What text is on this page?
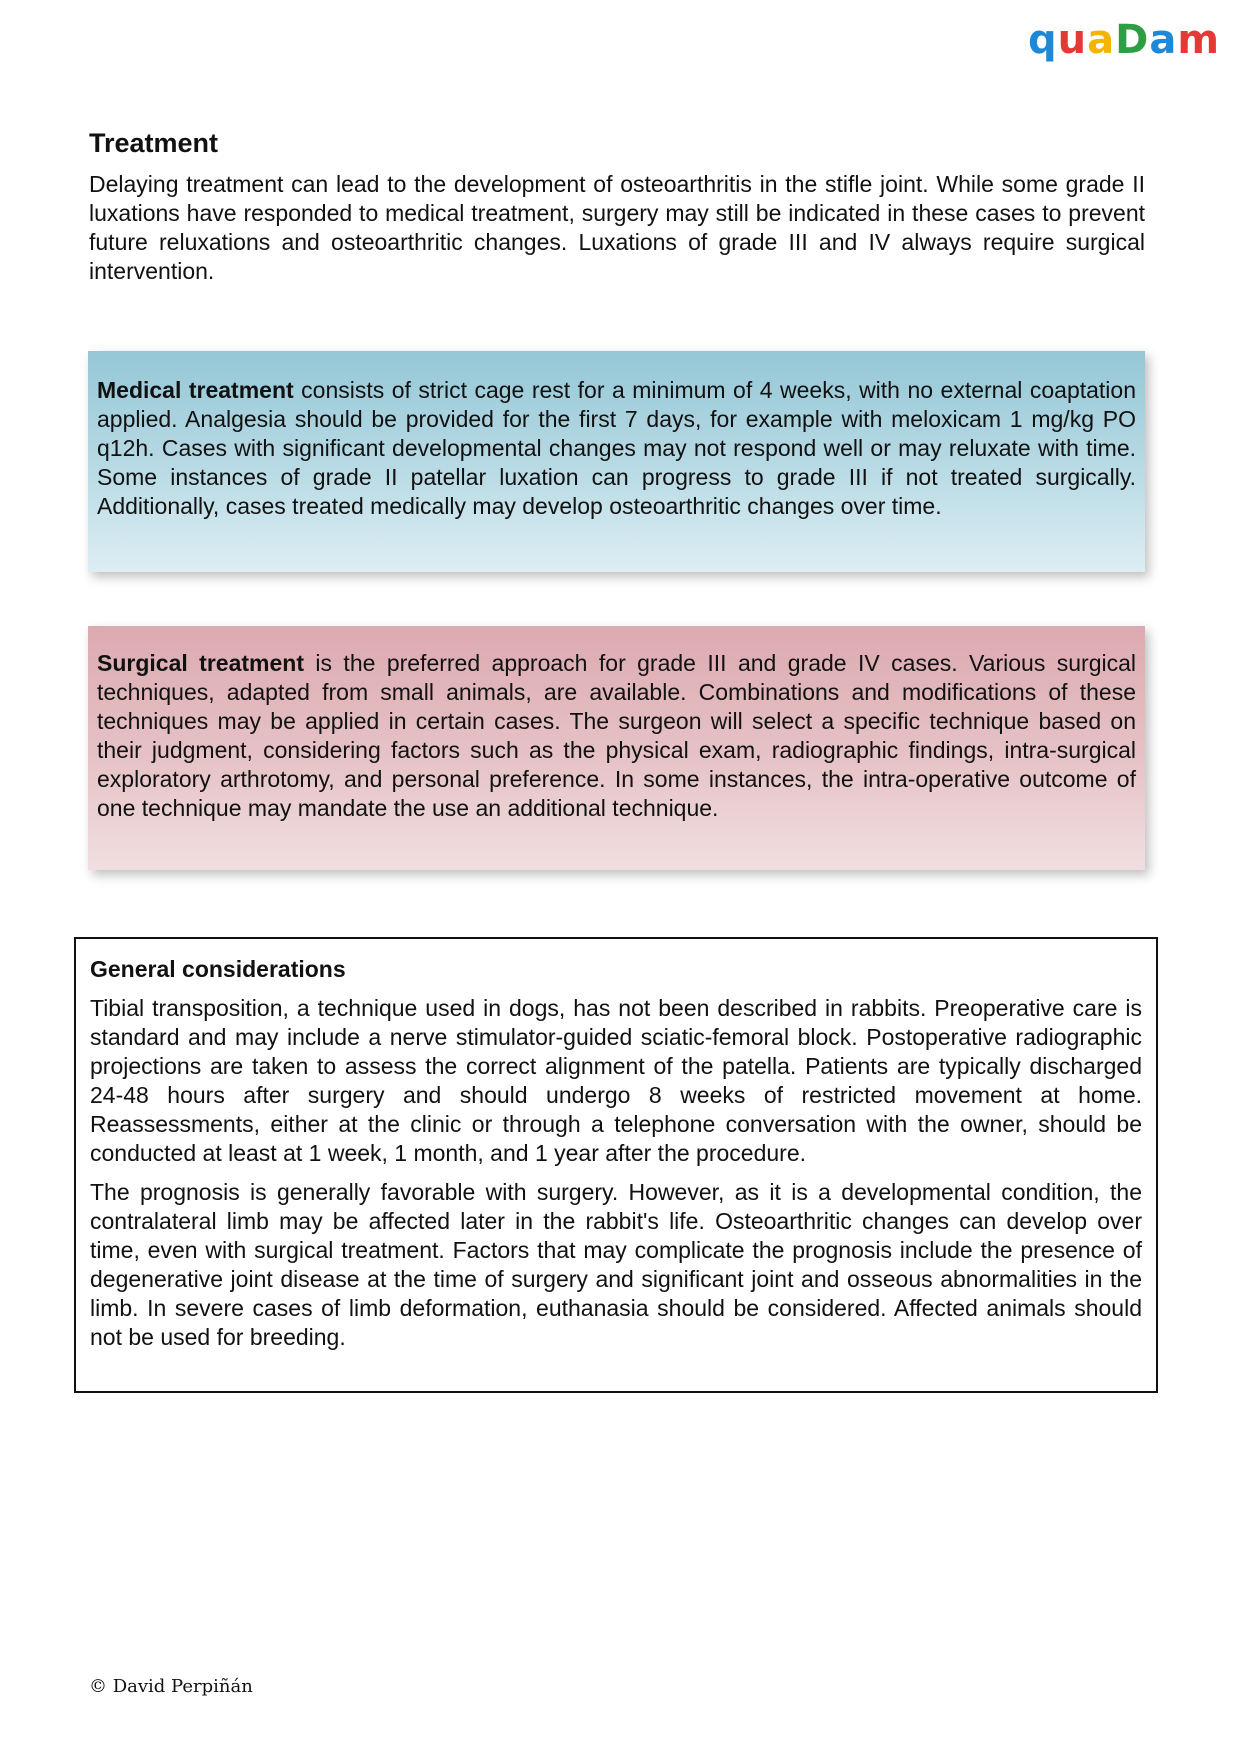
quaDam
Treatment

Delaying treatment can lead to the development of osteoarthritis in the stifle joint. While some grade II luxations have responded to medical treatment, surgery may still be indicated in these cases to prevent future reluxations and osteoarthritic changes. Luxations of grade III and IV always require surgical intervention.

Medical treatment consists of strict cage rest for a minimum of 4 weeks, with no external coaptation applied. Analgesia should be provided for the first 7 days, for example with meloxicam 1 mg/kg PO q12h. Cases with significant developmental changes may not respond well or may reluxate with time. Some instances of grade II patellar luxation can progress to grade III if not treated surgically. Additionally, cases treated medically may develop osteoarthritic changes over time.

Surgical treatment is the preferred approach for grade III and grade IV cases. Various surgical techniques, adapted from small animals, are available. Combinations and modifications of these techniques may be applied in certain cases. The surgeon will select a specific technique based on their judgment, considering factors such as the physical exam, radiographic findings, intra-surgical exploratory arthrotomy, and personal preference. In some instances, the intra-operative outcome of one technique may mandate the use an additional technique.

General considerations

Tibial transposition, a technique used in dogs, has not been described in rabbits. Preoperative care is standard and may include a nerve stimulator-guided sciatic-femoral block. Postoperative radiographic projections are taken to assess the correct alignment of the patella. Patients are typically discharged 24-48 hours after surgery and should undergo 8 weeks of restricted movement at home. Reassessments, either at the clinic or through a telephone conversation with the owner, should be conducted at least at 1 week, 1 month, and 1 year after the procedure.

The prognosis is generally favorable with surgery. However, as it is a developmental condition, the contralateral limb may be affected later in the rabbit's life. Osteoarthritic changes can develop over time, even with surgical treatment. Factors that may complicate the prognosis include the presence of degenerative joint disease at the time of surgery and significant joint and osseous abnormalities in the limb. In severe cases of limb deformation, euthanasia should be considered. Affected animals should not be used for breeding.

© David Perpiñán
